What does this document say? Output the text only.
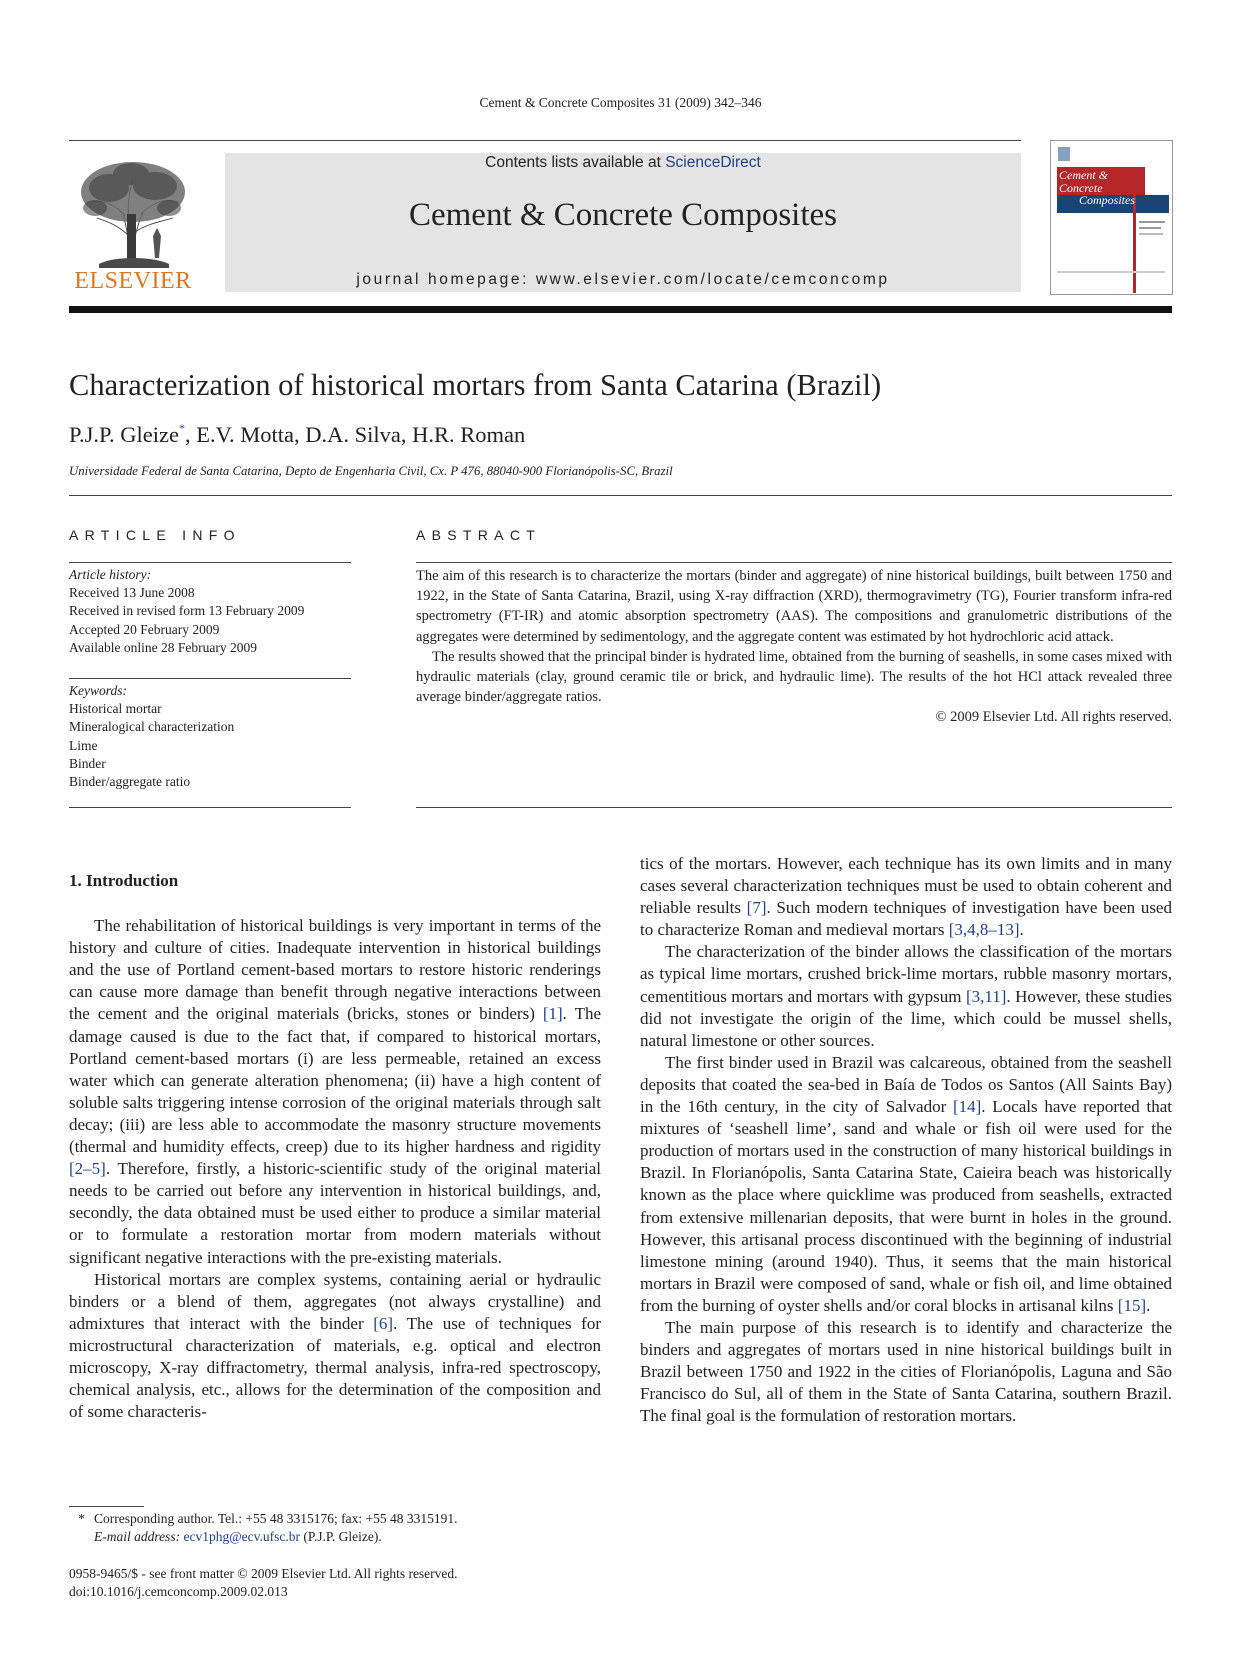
Cement & Concrete Composites 31 (2009) 342–346
ELSEVIER
Contents lists available at ScienceDirect
Cement & Concrete Composites
journal homepage: www.elsevier.com/locate/cemconcomp
Cement &
Concrete
Composites
Characterization of historical mortars from Santa Catarina (Brazil)
P.J.P. Gleize*, E.V. Motta, D.A. Silva, H.R. Roman
Universidade Federal de Santa Catarina, Depto de Engenharia Civil, Cx. P 476, 88040-900 Florianópolis-SC, Brazil
ARTICLE INFO
Article history:
Received 13 June 2008
Received in revised form 13 February 2009
Accepted 20 February 2009
Available online 28 February 2009
Keywords:
Historical mortar
Mineralogical characterization
Lime
Binder
Binder/aggregate ratio
ABSTRACT

The aim of this research is to characterize the mortars (binder and aggregate) of nine historical buildings, built between 1750 and 1922, in the State of Santa Catarina, Brazil, using X-ray diffraction (XRD), thermogravimetry (TG), Fourier transform infra-red spectrometry (FT-IR) and atomic absorption spectrometry (AAS). The compositions and granulometric distributions of the aggregates were determined by sedimentology, and the aggregate content was estimated by hot hydrochloric acid attack.

The results showed that the principal binder is hydrated lime, obtained from the burning of seashells, in some cases mixed with hydraulic materials (clay, ground ceramic tile or brick, and hydraulic lime). The results of the hot HCl attack revealed three average binder/aggregate ratios.

© 2009 Elsevier Ltd. All rights reserved.

1. Introduction

The rehabilitation of historical buildings is very important in terms of the history and culture of cities. Inadequate intervention in historical buildings and the use of Portland cement-based mortars to restore historic renderings can cause more damage than benefit through negative interactions between the cement and the original materials (bricks, stones or binders) [1]. The damage caused is due to the fact that, if compared to historical mortars, Portland cement-based mortars (i) are less permeable, retained an excess water which can generate alteration phenomena; (ii) have a high content of soluble salts triggering intense corrosion of the original materials through salt decay; (iii) are less able to accommodate the masonry structure movements (thermal and humidity effects, creep) due to its higher hardness and rigidity [2–5]. Therefore, firstly, a historic-scientific study of the original material needs to be carried out before any intervention in historical buildings, and, secondly, the data obtained must be used either to produce a similar material or to formulate a restoration mortar from modern materials without significant negative interactions with the pre-existing materials.

Historical mortars are complex systems, containing aerial or hydraulic binders or a blend of them, aggregates (not always crystalline) and admixtures that interact with the binder [6]. The use of techniques for microstructural characterization of materials, e.g. optical and electron microscopy, X-ray diffractometry, thermal analysis, infra-red spectroscopy, chemical analysis, etc., allows for the determination of the composition and of some characteris-

tics of the mortars. However, each technique has its own limits and in many cases several characterization techniques must be used to obtain coherent and reliable results [7]. Such modern techniques of investigation have been used to characterize Roman and medieval mortars [3,4,8–13].

The characterization of the binder allows the classification of the mortars as typical lime mortars, crushed brick-lime mortars, rubble masonry mortars, cementitious mortars and mortars with gypsum [3,11]. However, these studies did not investigate the origin of the lime, which could be mussel shells, natural limestone or other sources.

The first binder used in Brazil was calcareous, obtained from the seashell deposits that coated the sea-bed in Baía de Todos os Santos (All Saints Bay) in the 16th century, in the city of Salvador [14]. Locals have reported that mixtures of ‘seashell lime’, sand and whale or fish oil were used for the production of mortars used in the construction of many historical buildings in Brazil. In Florianópolis, Santa Catarina State, Caieira beach was historically known as the place where quicklime was produced from seashells, extracted from extensive millenarian deposits, that were burnt in holes in the ground. However, this artisanal process discontinued with the beginning of industrial limestone mining (around 1940). Thus, it seems that the main historical mortars in Brazil were composed of sand, whale or fish oil, and lime obtained from the burning of oyster shells and/or coral blocks in artisanal kilns [15].

The main purpose of this research is to identify and characterize the binders and aggregates of mortars used in nine historical buildings built in Brazil between 1750 and 1922 in the cities of Florianópolis, Laguna and São Francisco do Sul, all of them in the State of Santa Catarina, southern Brazil. The final goal is the formulation of restoration mortars.

* Corresponding author. Tel.: +55 48 3315176; fax: +55 48 3315191.
E-mail address: ecv1phg@ecv.ufsc.br (P.J.P. Gleize).
0958-9465/$ - see front matter © 2009 Elsevier Ltd. All rights reserved.
doi:10.1016/j.cemconcomp.2009.02.013
